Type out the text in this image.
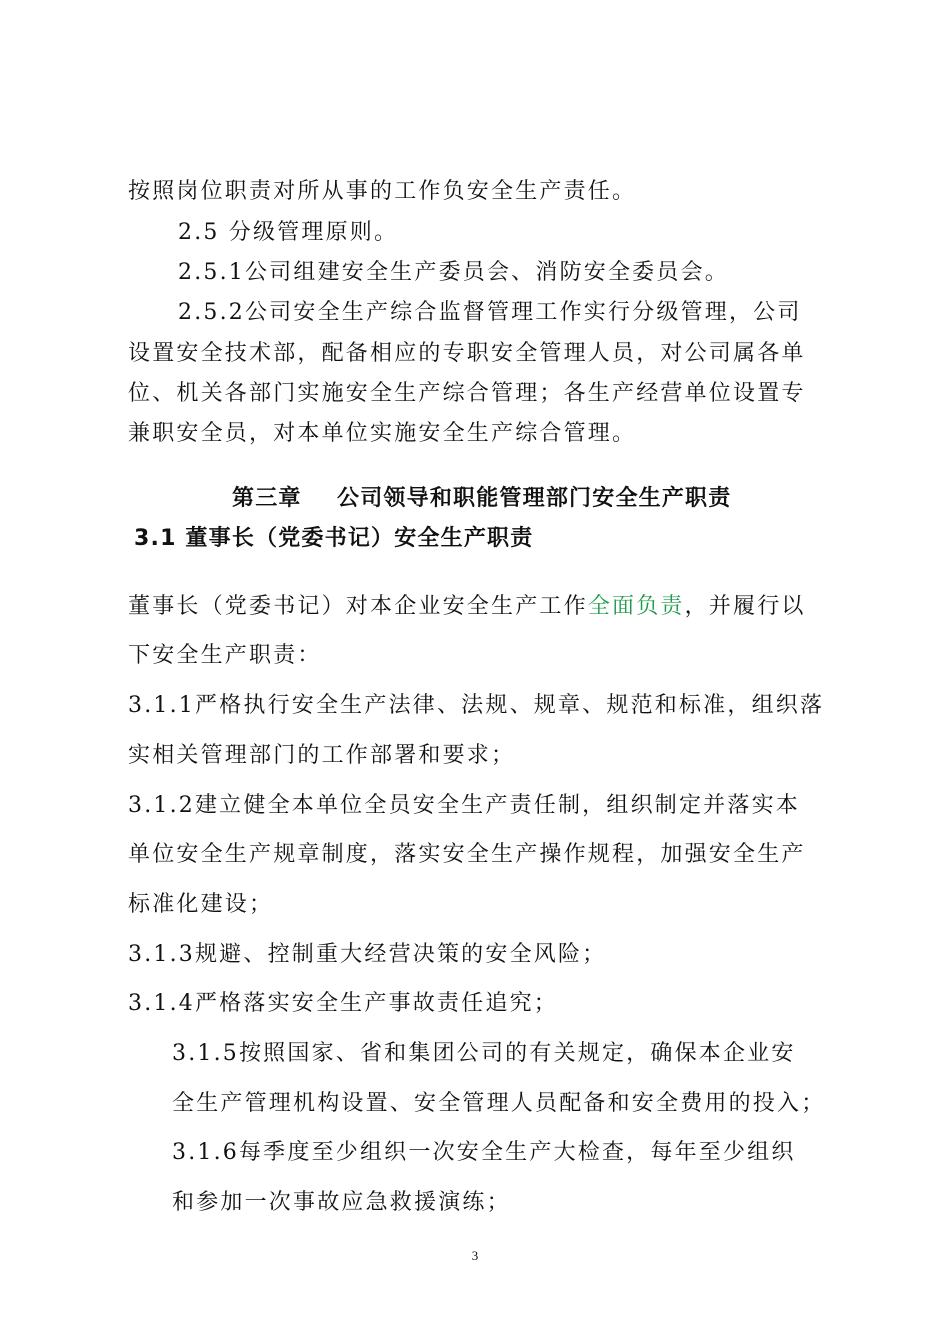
按照岗位职责对所从事的工作负安全生产责任。
2.5 分级管理原则。
2.5.1公司组建安全生产委员会、消防安全委员会。
2.5.2公司安全生产综合监督管理工作实行分级管理，公司
设置安全技术部，配备相应的专职安全管理人员，对公司属各单
位、机关各部门实施安全生产综合管理；各生产经营单位设置专
兼职安全员，对本单位实施安全生产综合管理。
第三章    公司领导和职能管理部门安全生产职责
3.1 董事长（党委书记）安全生产职责
董事长（党委书记）对本企业安全生产工作全面负责，并履行以
下安全生产职责：
3.1.1严格执行安全生产法律、法规、规章、规范和标准，组织落
实相关管理部门的工作部署和要求；
3.1.2建立健全本单位全员安全生产责任制，组织制定并落实本
单位安全生产规章制度，落实安全生产操作规程，加强安全生产
标准化建设；
3.1.3规避、控制重大经营决策的安全风险；
3.1.4严格落实安全生产事故责任追究；
3.1.5按照国家、省和集团公司的有关规定，确保本企业安
全生产管理机构设置、安全管理人员配备和安全费用的投入；
3.1.6每季度至少组织一次安全生产大检查，每年至少组织
和参加一次事故应急救援演练；
3
